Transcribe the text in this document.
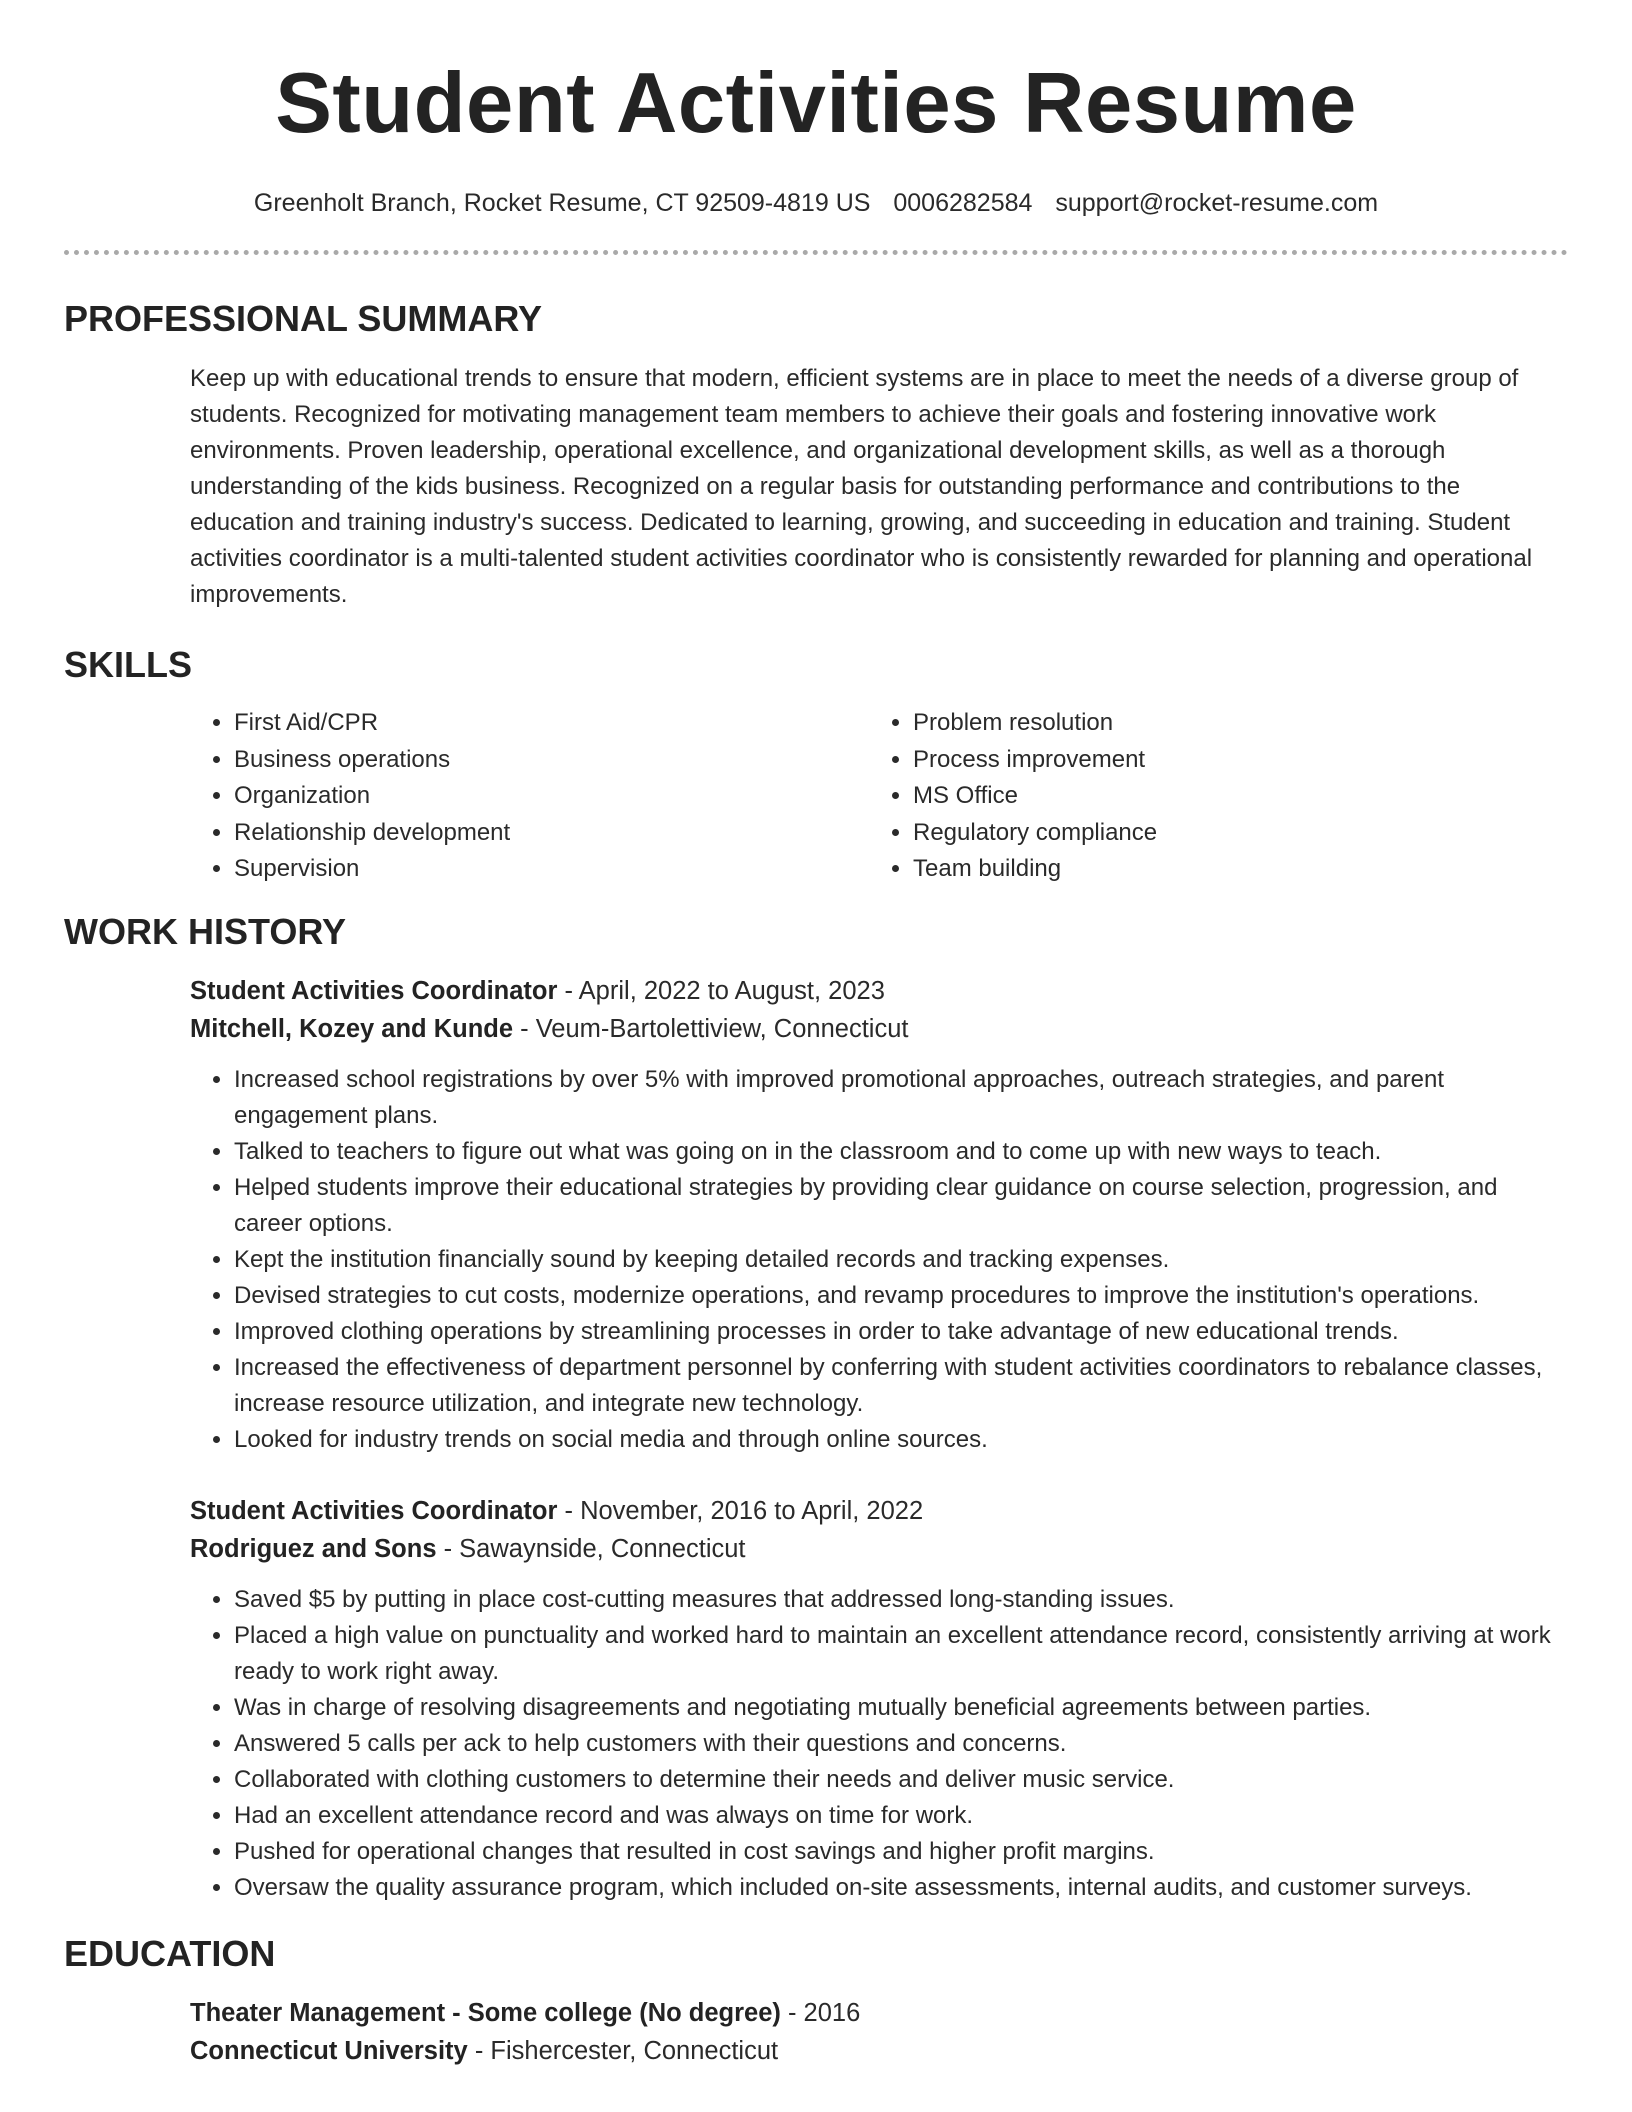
Student Activities Resume
Greenholt Branch, Rocket Resume, CT 92509-4819 US 0006282584 support@rocket-resume.com
PROFESSIONAL SUMMARY

Keep up with educational trends to ensure that modern, efficient systems are in place to meet the needs of a diverse group of students. Recognized for motivating management team members to achieve their goals and fostering innovative work environments. Proven leadership, operational excellence, and organizational development skills, as well as a thorough understanding of the kids business. Recognized on a regular basis for outstanding performance and contributions to the education and training industry's success. Dedicated to learning, growing, and succeeding in education and training. Student activities coordinator is a multi-talented student activities coordinator who is consistently rewarded for planning and operational improvements.

SKILLS
• First Aid/CPR
• Business operations
• Organization
• Relationship development
• Supervision
• Problem resolution
• Process improvement
• MS Office
• Regulatory compliance
• Team building
WORK HISTORY
Student Activities Coordinator - April, 2022 to August, 2023
Mitchell, Kozey and Kunde - Veum-Bartolettiview, Connecticut
• Increased school registrations by over 5% with improved promotional approaches, outreach strategies, and parent engagement plans.
• Talked to teachers to figure out what was going on in the classroom and to come up with new ways to teach.
• Helped students improve their educational strategies by providing clear guidance on course selection, progression, and career options.
• Kept the institution financially sound by keeping detailed records and tracking expenses.
• Devised strategies to cut costs, modernize operations, and revamp procedures to improve the institution's operations.
• Improved clothing operations by streamlining processes in order to take advantage of new educational trends.
• Increased the effectiveness of department personnel by conferring with student activities coordinators to rebalance classes, increase resource utilization, and integrate new technology.
• Looked for industry trends on social media and through online sources.
Student Activities Coordinator - November, 2016 to April, 2022
Rodriguez and Sons - Sawaynside, Connecticut
• Saved $5 by putting in place cost-cutting measures that addressed long-standing issues.
• Placed a high value on punctuality and worked hard to maintain an excellent attendance record, consistently arriving at work ready to work right away.
• Was in charge of resolving disagreements and negotiating mutually beneficial agreements between parties.
• Answered 5 calls per ack to help customers with their questions and concerns.
• Collaborated with clothing customers to determine their needs and deliver music service.
• Had an excellent attendance record and was always on time for work.
• Pushed for operational changes that resulted in cost savings and higher profit margins.
• Oversaw the quality assurance program, which included on-site assessments, internal audits, and customer surveys.
EDUCATION
Theater Management - Some college (No degree) - 2016
Connecticut University - Fishercester, Connecticut
